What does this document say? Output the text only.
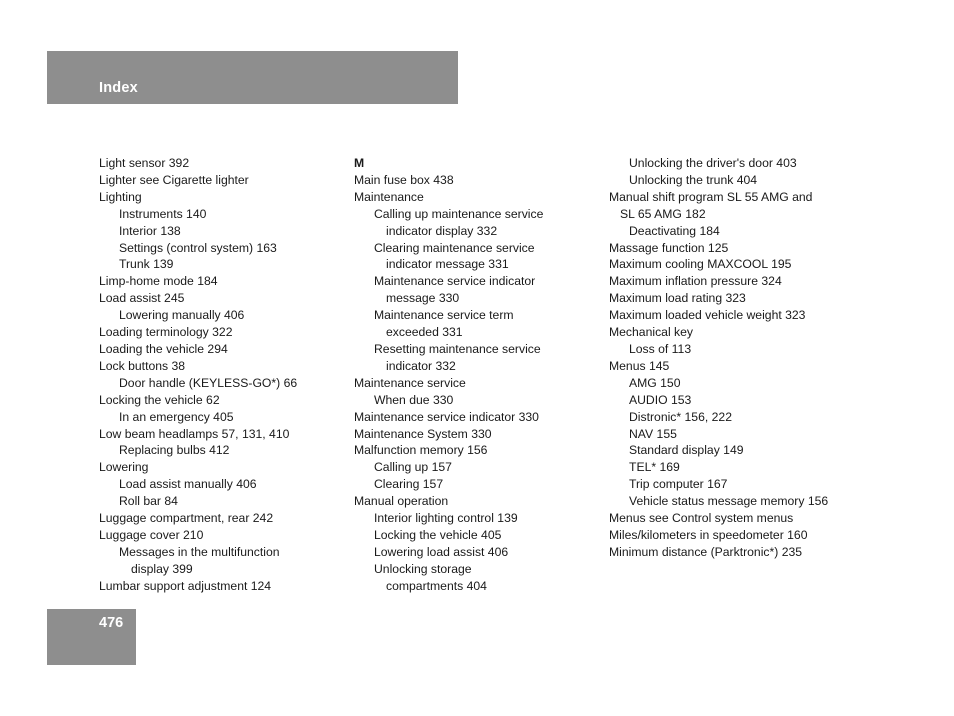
Index
Light sensor 392
Lighter see Cigarette lighter
Lighting
Instruments 140
Interior 138
Settings (control system) 163
Trunk 139
Limp-home mode 184
Load assist 245
Lowering manually 406
Loading terminology 322
Loading the vehicle 294
Lock buttons 38
Door handle (KEYLESS-GO*) 66
Locking the vehicle 62
In an emergency 405
Low beam headlamps 57, 131, 410
Replacing bulbs 412
Lowering
Load assist manually 406
Roll bar 84
Luggage compartment, rear 242
Luggage cover 210
Messages in the multifunction
display 399
Lumbar support adjustment 124
M
Main fuse box 438
Maintenance
Calling up maintenance service
indicator display 332
Clearing maintenance service
indicator message 331
Maintenance service indicator
message 330
Maintenance service term
exceeded 331
Resetting maintenance service
indicator 332
Maintenance service
When due 330
Maintenance service indicator 330
Maintenance System 330
Malfunction memory 156
Calling up 157
Clearing 157
Manual operation
Interior lighting control 139
Locking the vehicle 405
Lowering load assist 406
Unlocking storage
compartments 404
Unlocking the driver's door 403
Unlocking the trunk 404
Manual shift program SL 55 AMG and
SL 65 AMG 182
Deactivating 184
Massage function 125
Maximum cooling MAXCOOL 195
Maximum inflation pressure 324
Maximum load rating 323
Maximum loaded vehicle weight 323
Mechanical key
Loss of 113
Menus 145
AMG 150
AUDIO 153
Distronic* 156, 222
NAV 155
Standard display 149
TEL* 169
Trip computer 167
Vehicle status message memory 156
Menus see Control system menus
Miles/kilometers in speedometer 160
Minimum distance (Parktronic*) 235
476
